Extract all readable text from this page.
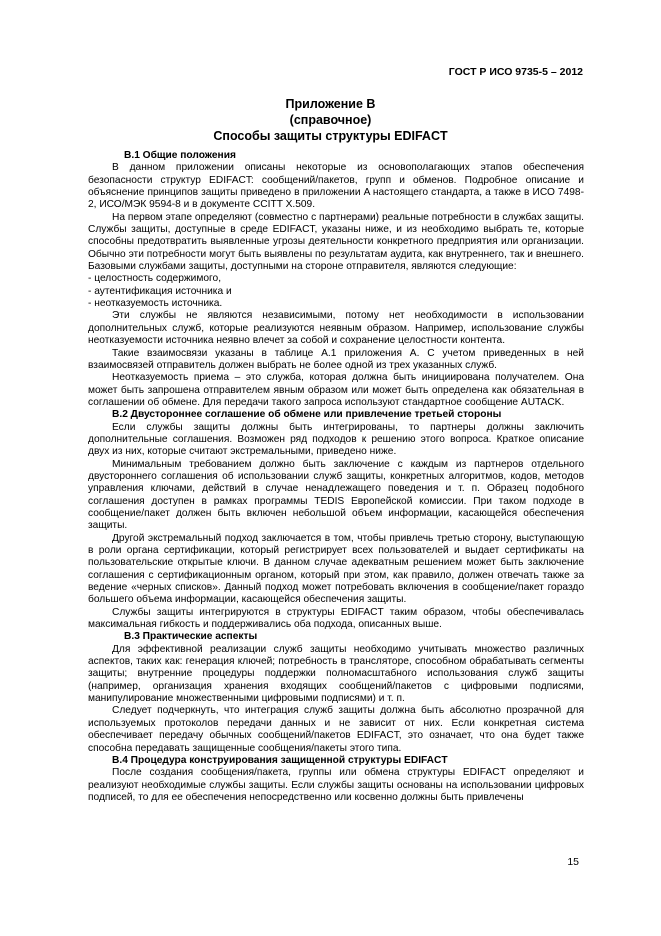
ГОСТ Р ИСО 9735-5 – 2012
Приложение B
(справочное)
Способы защиты структуры EDIFACT

B.1 Общие положения

В данном приложении описаны некоторые из основополагающих этапов обеспечения безопасности структур EDIFACT: сообщений/пакетов, групп и обменов. Подробное описание и объяснение принципов защиты приведено в приложении A настоящего стандарта, а также в ИСО 7498-2, ИСО/МЭК 9594-8 и в документе CCITT X.509.

На первом этапе определяют (совместно с партнерами) реальные потребности в службах защиты. Службы защиты, доступные в среде EDIFACT, указаны ниже, и из необходимо выбрать те, которые способны предотвратить выявленные угрозы деятельности конкретного предприятия или организации. Обычно эти потребности могут быть выявлены по результатам аудита, как внутреннего, так и внешнего. Базовыми службами защиты, доступными на стороне отправителя, являются следующие:

- целостность содержимого,

- аутентификация источника и

- неотказуемость источника.

Эти службы не являются независимыми, потому нет необходимости в использовании дополнительных служб, которые реализуются неявным образом. Например, использование службы неотказуемости источника неявно влечет за собой и сохранение целостности контента.

Такие взаимосвязи указаны в таблице A.1 приложения A. С учетом приведенных в ней взаимосвязей отправитель должен выбрать не более одной из трех указанных служб.

Неотказуемость приема – это служба, которая должна быть инициирована получателем. Она может быть запрошена отправителем явным образом или может быть определена как обязательная в соглашении об обмене. Для передачи такого запроса используют стандартное сообщение AUTACK.

B.2 Двустороннее соглашение об обмене или привлечение третьей стороны

Если службы защиты должны быть интегрированы, то партнеры должны заключить дополнительные соглашения. Возможен ряд подходов к решению этого вопроса. Краткое описание двух из них, которые считают экстремальными, приведено ниже.

Минимальным требованием должно быть заключение с каждым из партнеров отдельного двустороннего соглашения об использовании служб защиты, конкретных алгоритмов, кодов, методов управления ключами, действий в случае ненадлежащего поведения и т. п. Образец подобного соглашения доступен в рамках программы TEDIS Европейской комиссии. При таком подходе в сообщение/пакет должен быть включен небольшой объем информации, касающейся обеспечения защиты.

Другой экстремальный подход заключается в том, чтобы привлечь третью сторону, выступающую в роли органа сертификации, который регистрирует всех пользователей и выдает сертификаты на пользовательские открытые ключи. В данном случае адекватным решением может быть заключение соглашения с сертификационным органом, который при этом, как правило, должен отвечать также за ведение «черных списков». Данный подход может потребовать включения в сообщение/пакет гораздо большего объема информации, касающейся обеспечения защиты.

Службы защиты интегрируются в структуры EDIFACT таким образом, чтобы обеспечивалась максимальная гибкость и поддерживались оба подхода, описанных выше.

B.3 Практические аспекты

Для эффективной реализации служб защиты необходимо учитывать множество различных аспектов, таких как: генерация ключей; потребность в трансляторе, способном обрабатывать сегменты защиты; внутренние процедуры поддержки полномасштабного использования служб защиты (например, организация хранения входящих сообщений/пакетов с цифровыми подписями, манипулирование множественными цифровыми подписями) и т. п.

Следует подчеркнуть, что интеграция служб защиты должна быть абсолютно прозрачной для используемых протоколов передачи данных и не зависит от них. Если конкретная система обеспечивает передачу обычных сообщений/пакетов EDIFACT, это означает, что она будет также способна передавать защищенные сообщения/пакеты этого типа.

B.4 Процедура конструирования защищенной структуры EDIFACT

После создания сообщения/пакета, группы или обмена структуры EDIFACT определяют и реализуют необходимые службы защиты. Если службы защиты основаны на использовании цифровых подписей, то для ее обеспечения непосредственно или косвенно должны быть привлечены

15
